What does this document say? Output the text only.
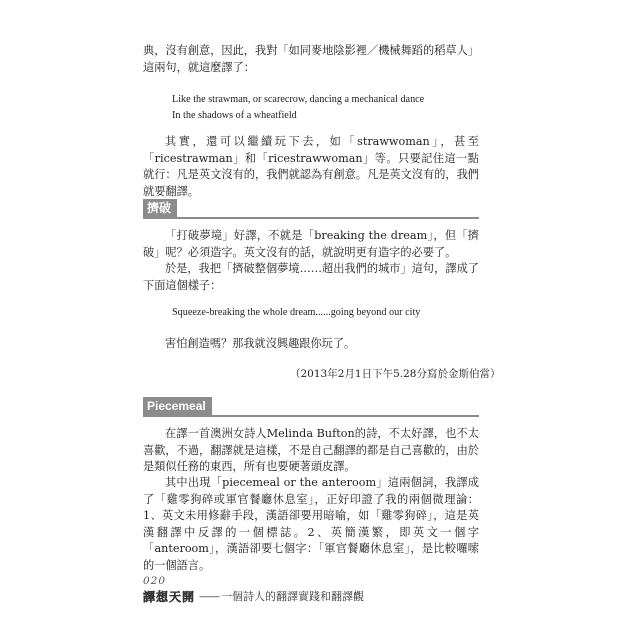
典，沒有創意，因此，我對「如同麥地陰影裡／機械舞蹈的稻草人」這兩句，就這麼譯了：

Like the strawman, or scarecrow, dancing a mechanical dance
In the shadows of a wheatfield

其實，還可以繼續玩下去，如「strawwoman」，甚至「ricestrawman」和「ricestrawwoman」等。只要記住這一點就行：凡是英文沒有的，我們就認為有創意。凡是英文沒有的，我們就要翻譯。

擠破

「打破夢境」好譯，不就是「breaking the dream」，但「擠破」呢？必須造字。英文沒有的話，就說明更有造字的必要了。

於是，我把「擠破整個夢境……超出我們的城市」這句，譯成了下面這個樣子：

Squeeze-breaking the whole dream......going beyond our city

害怕創造嗎？那我就沒興趣跟你玩了。

（2013年2月1日下午5.28分寫於金斯伯當）
Piecemeal

在譯一首澳洲女詩人Melinda Bufton的詩，不太好譯，也不太喜歡，不過，翻譯就是這樣，不是自己翻譯的都是自己喜歡的，由於是類似任務的東西，所有也要硬著頭皮譯。

其中出現「piecemeal or the anteroom」這兩個詞，我譯成了「雞零狗碎或軍官餐廳休息室」，正好印證了我的兩個微理論：1、英文未用修辭手段，漢語卻要用暗喻，如「雞零狗碎」，這是英漢翻譯中反譯的一個標誌。2、英簡漢繁，即英文一個字「anteroom」，漢語卻要七個字：「軍官餐廳休息室」，是比較囉嗦的一個語言。

020
譯想天開 —— 一個詩人的翻譯實踐和翻譯觀
